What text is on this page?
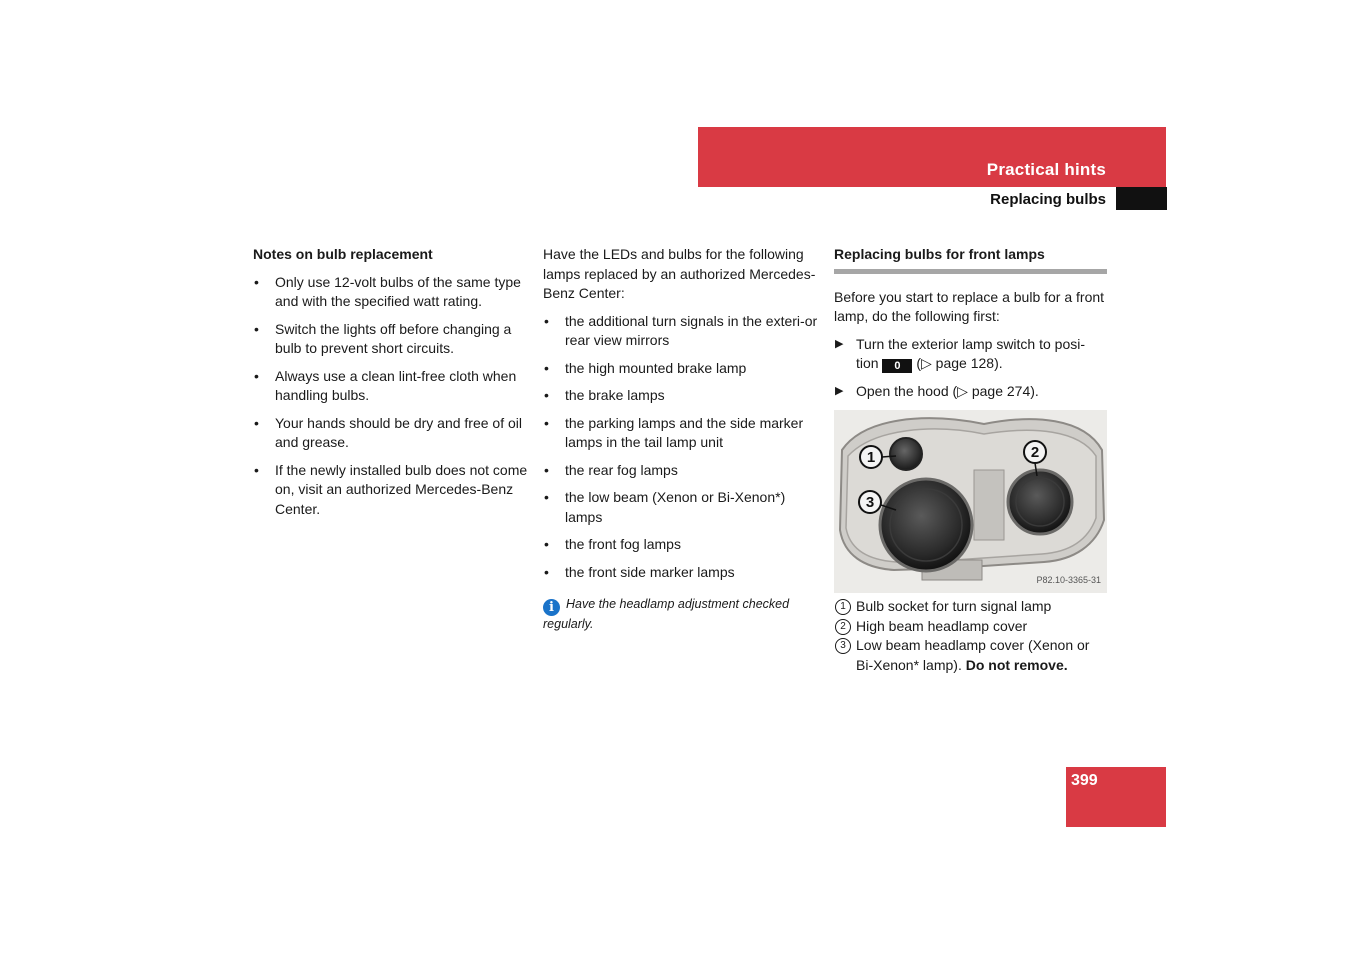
Practical hints
Replacing bulbs
Notes on bulb replacement
• Only use 12-volt bulbs of the same type and with the specified watt rating.
• Switch the lights off before changing a bulb to prevent short circuits.
• Always use a clean lint-free cloth when handling bulbs.
• Your hands should be dry and free of oil and grease.
• If the newly installed bulb does not come on, visit an authorized Mercedes-Benz Center.
Have the LEDs and bulbs for the following lamps replaced by an authorized Mercedes-Benz Center:
• the additional turn signals in the exteri-or rear view mirrors
• the high mounted brake lamp
• the brake lamps
• the parking lamps and the side marker lamps in the tail lamp unit
• the rear fog lamps
• the low beam (Xenon or Bi-Xenon*) lamps
• the front fog lamps
• the front side marker lamps
i Have the headlamp adjustment checked regularly.
Replacing bulbs for front lamps
Before you start to replace a bulb for a front lamp, do the following first:
▶ Turn the exterior lamp switch to posi-tion 0 (▷ page 128).
▶ Open the hood (▷ page 274).
1	2
3
P82.10-3365-31
1 Bulb socket for turn signal lamp
2 High beam headlamp cover
3 Low beam headlamp cover (Xenon or Bi-Xenon* lamp). Do not remove.
399
